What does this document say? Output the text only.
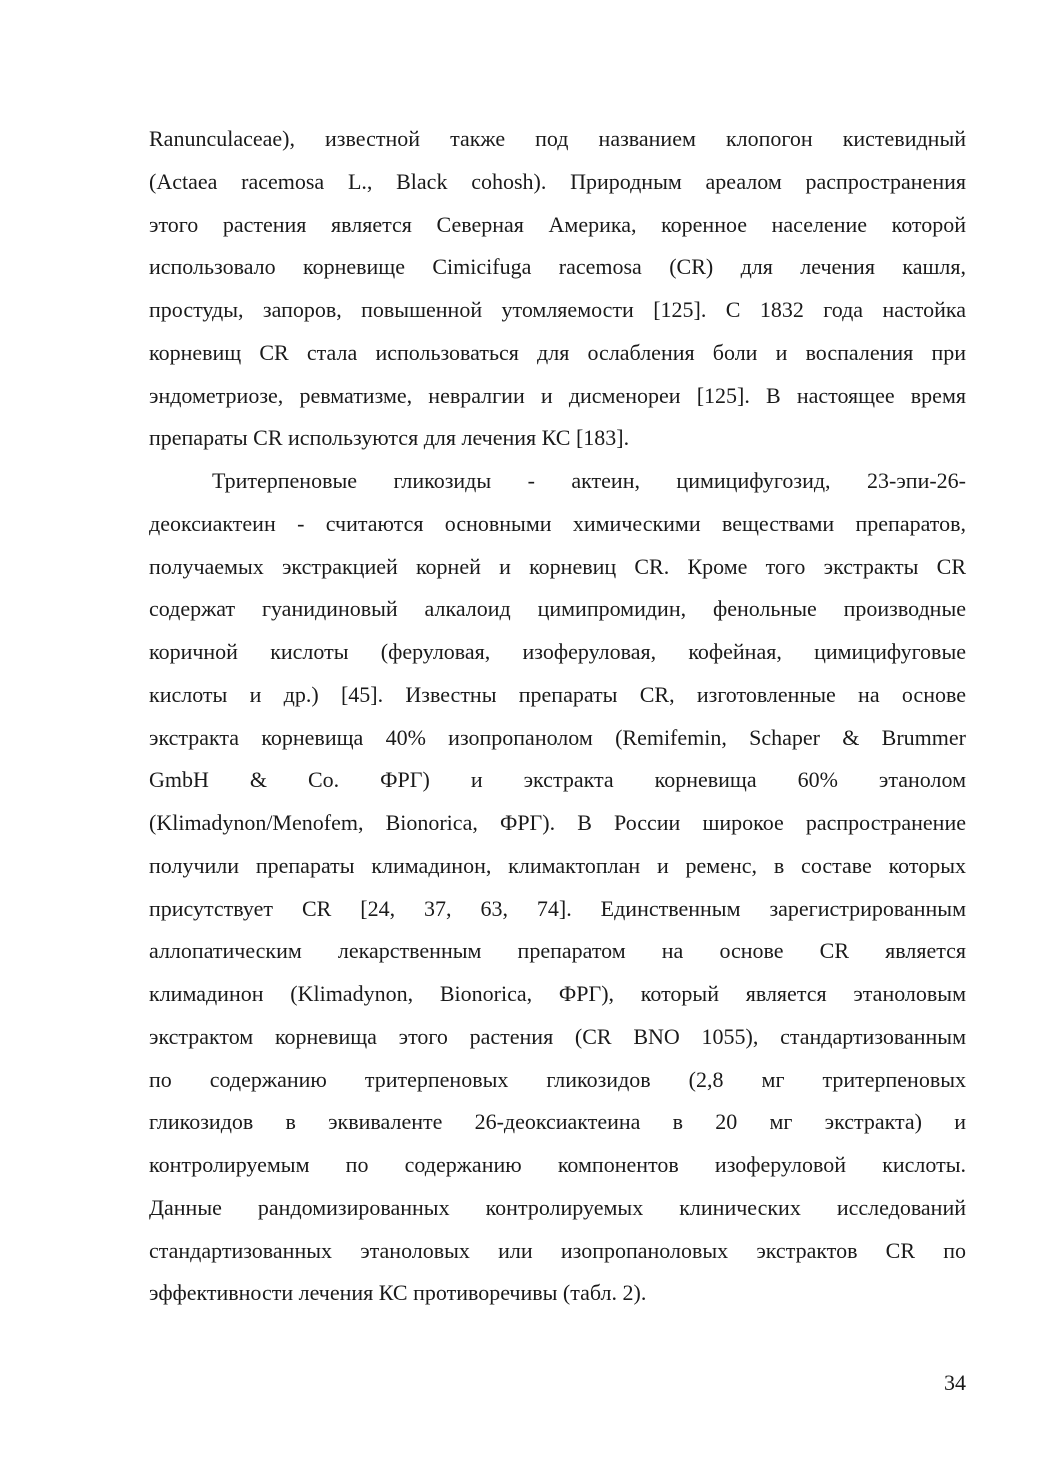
Ranunculaceae), известной также под названием клопогон кистевидный
(Actaea racemosa L., Black cohosh). Природным ареалом распространения
этого растения является Северная Америка, коренное население которой
использовало корневище Cimicifuga racemosa (CR) для лечения кашля,
простуды, запоров, повышенной утомляемости [125]. С 1832 года настойка
корневищ CR стала использоваться для ослабления боли и воспаления при
эндометриозе, ревматизме, невралгии и дисменореи [125]. В настоящее время
препараты CR используются для лечения КС [183].
Тритерпеновые гликозиды - актеин, цимицифугозид, 23-эпи-26-
деоксиактеин - считаются основными химическими веществами препаратов,
получаемых экстракцией корней и корневиц CR. Кроме того экстракты CR
содержат гуанидиновый алкалоид цимипромидин, фенольные производные
коричной кислоты (феруловая, изоферуловая, кофейная, цимицифуговые
кислоты и др.) [45]. Известны препараты CR, изготовленные на основе
экстракта корневища 40% изопропанолом (Remifemin, Schaper & Brummer
GmbH & Co. ФРГ) и экстракта корневища 60% этанолом
(Klimadynon/Menofem, Bionorica, ФРГ). В России широкое распространение
получили препараты климадинон, климактоплан и ременс, в составе которых
присутствует CR [24, 37, 63, 74]. Единственным зарегистрированным
аллопатическим лекарственным препаратом на основе CR является
климадинон (Klimadynon, Bionorica, ФРГ), который является этаноловым
экстрактом корневища этого растения (CR BNO 1055), стандартизованным
по содержанию тритерпеновых гликозидов (2,8 мг тритерпеновых
гликозидов в эквиваленте 26-деоксиактеина в 20 мг экстракта) и
контролируемым по содержанию компонентов изоферуловой кислоты.
Данные рандомизированных контролируемых клинических исследований
стандартизованных этаноловых или изопропаноловых экстрактов CR по
эффективности лечения КС противоречивы (табл. 2).
34
